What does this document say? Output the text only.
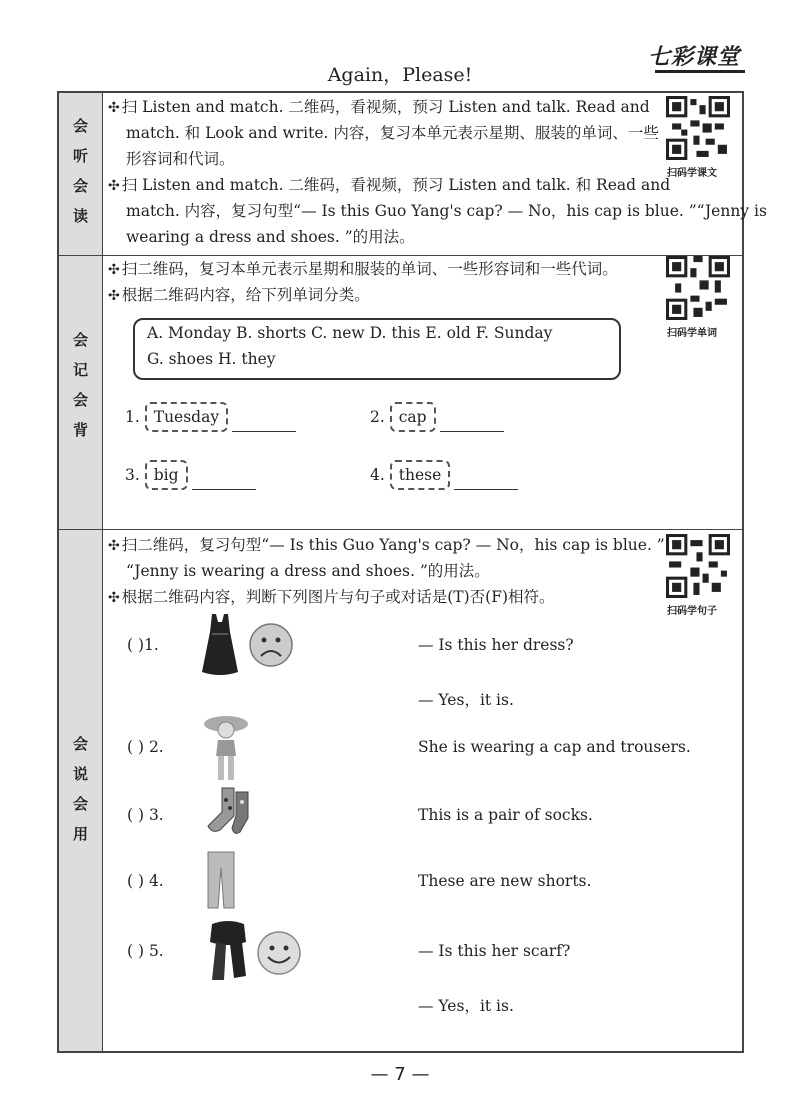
Again，Please!
七彩课堂
会
听
会
读
会
记
会
背
会
说
会
用
✣ 扫 Listen and match. 二维码，看视频，预习 Listen and talk. Read and
match. 和 Look and write. 内容，复习本单元表示星期、服装的单词、一些
形容词和代词。
✣ 扫 Listen and match. 二维码，看视频，预习 Listen and talk. 和 Read and
match. 内容，复习句型“— Is this Guo Yang's cap? — No，his cap is blue. ”“Jenny is
wearing a dress and shoes. ”的用法。
扫码学课文
✣ 扫二维码，复习本单元表示星期和服装的单词、一些形容词和一些代词。
✣ 根据二维码内容，给下列单词分类。
扫码学单词
A. Monday B. shorts C. new D. this E. old F. Sunday
G. shoes H. they
1. Tuesday	2. cap
3. big	4. these
✣ 扫二维码，复习句型“— Is this Guo Yang's cap? — No，his cap is blue. ”
“Jenny is wearing a dress and shoes. ”的用法。
✣ 根据二维码内容，判断下列图片与句子或对话是(T)否(F)相符。
扫码学句子
( )1.	— Is this her dress?
— Yes，it is.
( ) 2.	She is wearing a cap and trousers.
( ) 3.	This is a pair of socks.
( ) 4.	These are new shorts.
( ) 5.	— Is this her scarf?
— Yes，it is.
— 7 —
